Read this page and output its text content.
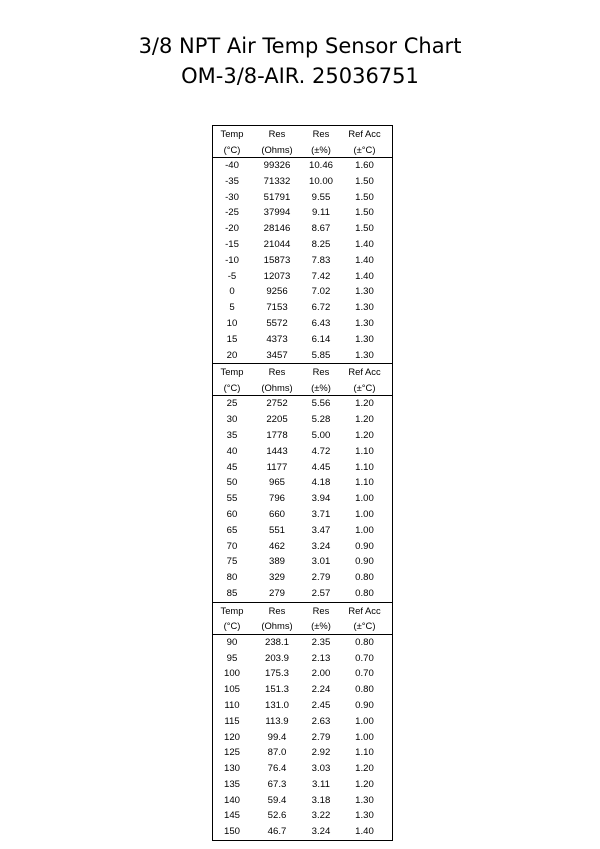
3/8 NPT Air Temp Sensor Chart
OM-3/8-AIR. 25036751
Temp	Res	Res	Ref Acc
(°C)	(Ohms)	(±%)	(±°C)
-40	99326	10.46	1.60
-35	71332	10.00	1.50
-30	51791	9.55	1.50
-25	37994	9.11	1.50
-20	28146	8.67	1.50
-15	21044	8.25	1.40
-10	15873	7.83	1.40
-5	12073	7.42	1.40
0	9256	7.02	1.30
5	7153	6.72	1.30
10	5572	6.43	1.30
15	4373	6.14	1.30
20	3457	5.85	1.30
Temp	Res	Res	Ref Acc
(°C)	(Ohms)	(±%)	(±°C)
25	2752	5.56	1.20
30	2205	5.28	1.20
35	1778	5.00	1.20
40	1443	4.72	1.10
45	1177	4.45	1.10
50	965	4.18	1.10
55	796	3.94	1.00
60	660	3.71	1.00
65	551	3.47	1.00
70	462	3.24	0.90
75	389	3.01	0.90
80	329	2.79	0.80
85	279	2.57	0.80
Temp	Res	Res	Ref Acc
(°C)	(Ohms)	(±%)	(±°C)
90	238.1	2.35	0.80
95	203.9	2.13	0.70
100	175.3	2.00	0.70
105	151.3	2.24	0.80
110	131.0	2.45	0.90
115	113.9	2.63	1.00
120	99.4	2.79	1.00
125	87.0	2.92	1.10
130	76.4	3.03	1.20
135	67.3	3.11	1.20
140	59.4	3.18	1.30
145	52.6	3.22	1.30
150	46.7	3.24	1.40
